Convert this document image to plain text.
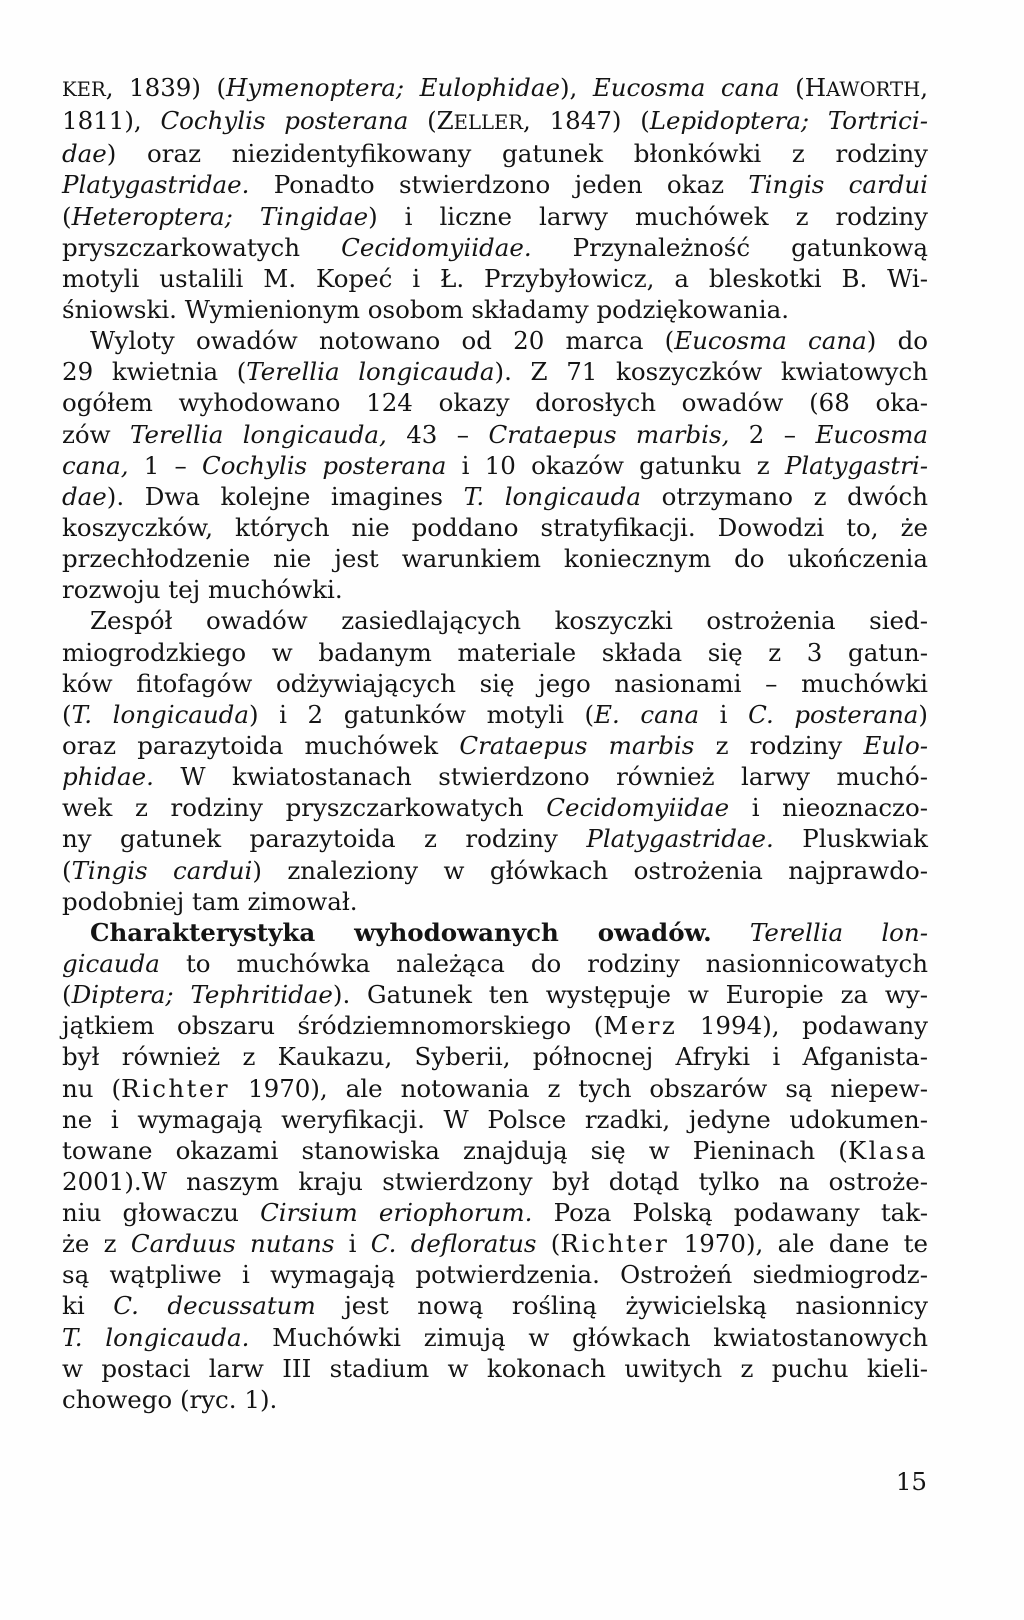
KER, 1839) (Hymenoptera; Eulophidae), Eucosma cana (HAWORTH,
1811), Cochylis posterana (ZELLER, 1847) (Lepidoptera; Tortrici-
dae) oraz niezidentyfikowany gatunek błonkówki z rodziny
Platygastridae. Ponadto stwierdzono jeden okaz Tingis cardui
(Heteroptera; Tingidae) i liczne larwy muchówek z rodziny
pryszczarkowatych Cecidomyiidae. Przynależność gatunkową
motyli ustalili M. Kopeć i Ł. Przybyłowicz, a bleskotki B. Wi-
śniowski. Wymienionym osobom składamy podziękowania.
Wyloty owadów notowano od 20 marca (Eucosma cana) do
29 kwietnia (Terellia longicauda). Z 71 koszyczków kwiatowych
ogółem wyhodowano 124 okazy dorosłych owadów (68 oka-
zów Terellia longicauda, 43 – Crataepus marbis, 2 – Eucosma
cana, 1 – Cochylis posterana i 10 okazów gatunku z Platygastri-
dae). Dwa kolejne imagines T. longicauda otrzymano z dwóch
koszyczków, których nie poddano stratyfikacji. Dowodzi to, że
przechłodzenie nie jest warunkiem koniecznym do ukończenia
rozwoju tej muchówki.
Zespół owadów zasiedlających koszyczki ostrożenia sied-
miogrodzkiego w badanym materiale składa się z 3 gatun-
ków fitofagów odżywiających się jego nasionami – muchówki
(T. longicauda) i 2 gatunków motyli (E. cana i C. posterana)
oraz parazytoida muchówek Crataepus marbis z rodziny Eulo-
phidae. W kwiatostanach stwierdzono również larwy muchó-
wek z rodziny pryszczarkowatych Cecidomyiidae i nieoznaczo-
ny gatunek parazytoida z rodziny Platygastridae. Pluskwiak
(Tingis cardui) znaleziony w główkach ostrożenia najprawdo-
podobniej tam zimował.
Charakterystyka wyhodowanych owadów. Terellia lon-
gicauda to muchówka należąca do rodziny nasionnicowatych
(Diptera; Tephritidae). Gatunek ten występuje w Europie za wy-
jątkiem obszaru śródziemnomorskiego (Merz 1994), podawany
był również z Kaukazu, Syberii, północnej Afryki i Afganista-
nu (Richter 1970), ale notowania z tych obszarów są niepew-
ne i wymagają weryfikacji. W Polsce rzadki, jedyne udokumen-
towane okazami stanowiska znajdują się w Pieninach (Klasa
2001).W naszym kraju stwierdzony był dotąd tylko na ostroże-
niu głowaczu Cirsium eriophorum. Poza Polską podawany tak-
że z Carduus nutans i C. defloratus (Richter 1970), ale dane te
są wątpliwe i wymagają potwierdzenia. Ostrożeń siedmiogrodz-
ki C. decussatum jest nową rośliną żywicielską nasionnicy
T. longicauda. Muchówki zimują w główkach kwiatostanowych
w postaci larw III stadium w kokonach uwitych z puchu kieli-
chowego (ryc. 1).
15
